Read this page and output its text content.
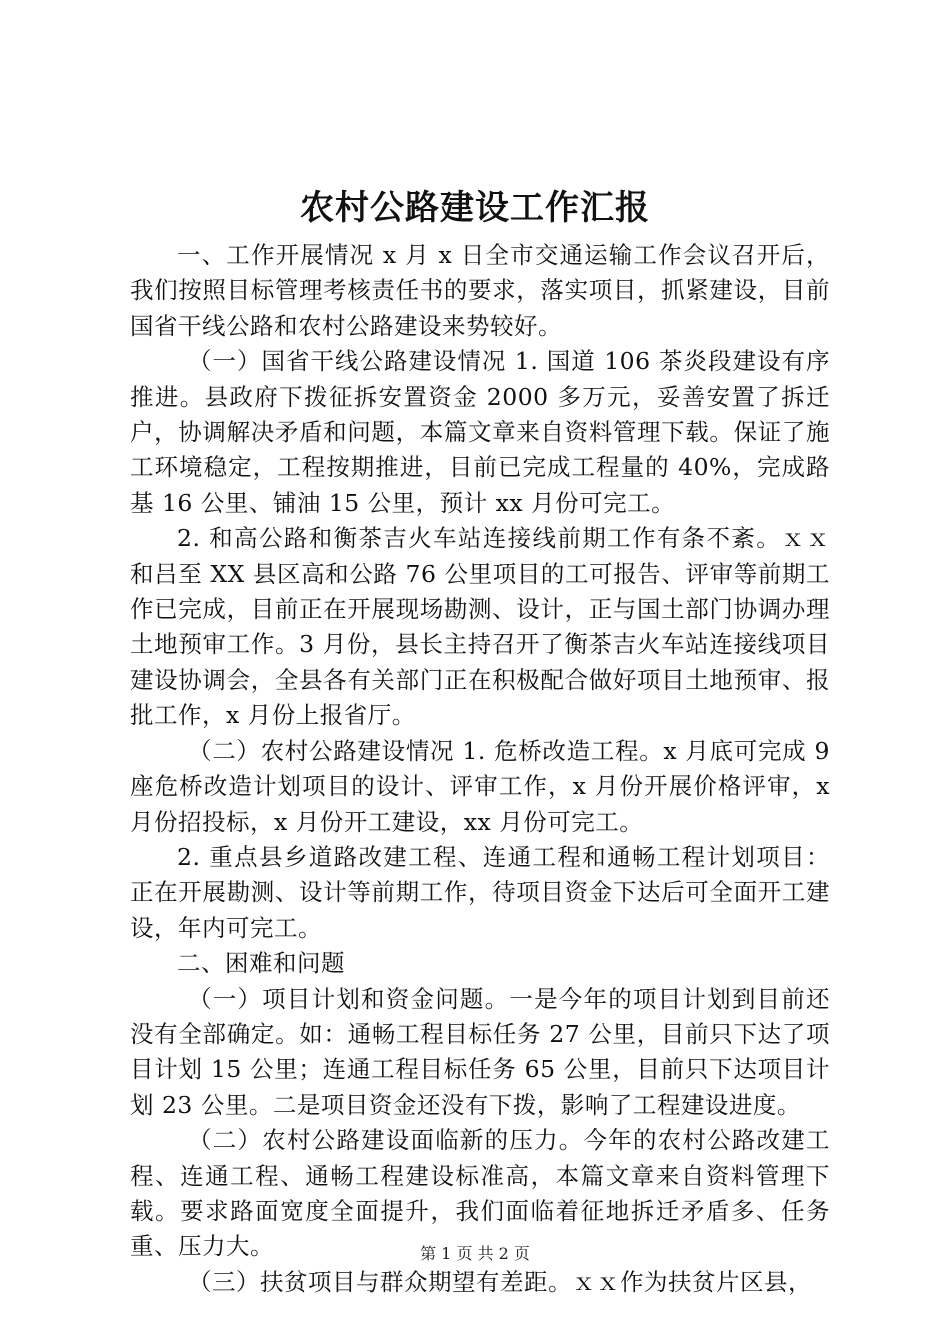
农村公路建设工作汇报

一、工作开展情况 x 月 x 日全市交通运输工作会议召开后，我们按照目标管理考核责任书的要求，落实项目，抓紧建设，目前国省干线公路和农村公路建设来势较好。

（一）国省干线公路建设情况 1. 国道 106 茶炎段建设有序推进。县政府下拨征拆安置资金 2000 多万元，妥善安置了拆迁户，协调解决矛盾和问题，本篇文章来自资料管理下载。保证了施工环境稳定，工程按期推进，目前已完成工程量的 40%，完成路基 16 公里、铺油 15 公里，预计 xx 月份可完工。

2. 和高公路和衡茶吉火车站连接线前期工作有条不紊。ｘｘ和吕至 XX 县区高和公路 76 公里项目的工可报告、评审等前期工作已完成，目前正在开展现场勘测、设计，正与国土部门协调办理土地预审工作。3 月份，县长主持召开了衡茶吉火车站连接线项目建设协调会，全县各有关部门正在积极配合做好项目土地预审、报批工作，x 月份上报省厅。

（二）农村公路建设情况 1. 危桥改造工程。x 月底可完成 9 座危桥改造计划项目的设计、评审工作，x 月份开展价格评审，x 月份招投标，x 月份开工建设，xx 月份可完工。

2. 重点县乡道路改建工程、连通工程和通畅工程计划项目：正在开展勘测、设计等前期工作，待项目资金下达后可全面开工建设，年内可完工。

二、困难和问题

（一）项目计划和资金问题。一是今年的项目计划到目前还没有全部确定。如：通畅工程目标任务 27 公里，目前只下达了项目计划 15 公里；连通工程目标任务 65 公里，目前只下达项目计划 23 公里。二是项目资金还没有下拨，影响了工程建设进度。

（二）农村公路建设面临新的压力。今年的农村公路改建工程、连通工程、通畅工程建设标准高，本篇文章来自资料管理下载。要求路面宽度全面提升，我们面临着征地拆迁矛盾多、任务重、压力大。

（三）扶贫项目与群众期望有差距。ｘｘ作为扶贫片区县，

第 1 页 共 2 页
